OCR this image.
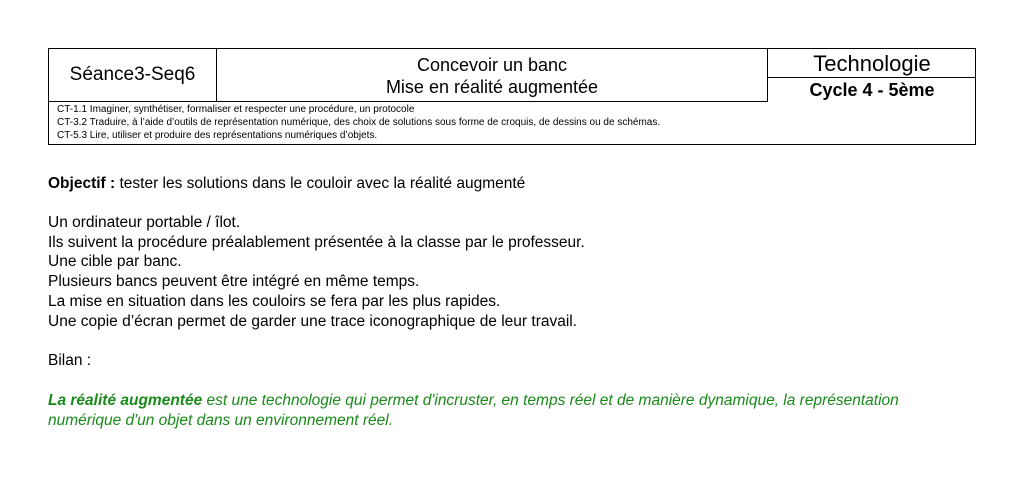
Séance3-Seq6	Concevoir un banc
Mise en réalité augmentée
Technologie
Cycle 4 - 5ème
CT-1.1 Imaginer, synthétiser, formaliser et respecter une procédure, un protocole
CT-3.2 Traduire, à l’aide d’outils de représentation numérique, des choix de solutions sous forme de croquis, de dessins ou de schémas.
CT-5.3 Lire, utiliser et produire des représentations numériques d’objets.
Objectif : tester les solutions dans le couloir avec la réalité augmenté
Un ordinateur portable / îlot.
Ils suivent la procédure préalablement présentée à la classe par le professeur.
Une cible par banc.
Plusieurs bancs peuvent être intégré en même temps.
La mise en situation dans les couloirs se fera par les plus rapides.
Une copie d’écran permet de garder une trace iconographique de leur travail.
Bilan :
La réalité augmentée est une technologie qui permet d'incruster, en temps réel et de manière dynamique, la représentation numérique d'un objet dans un environnement réel.
